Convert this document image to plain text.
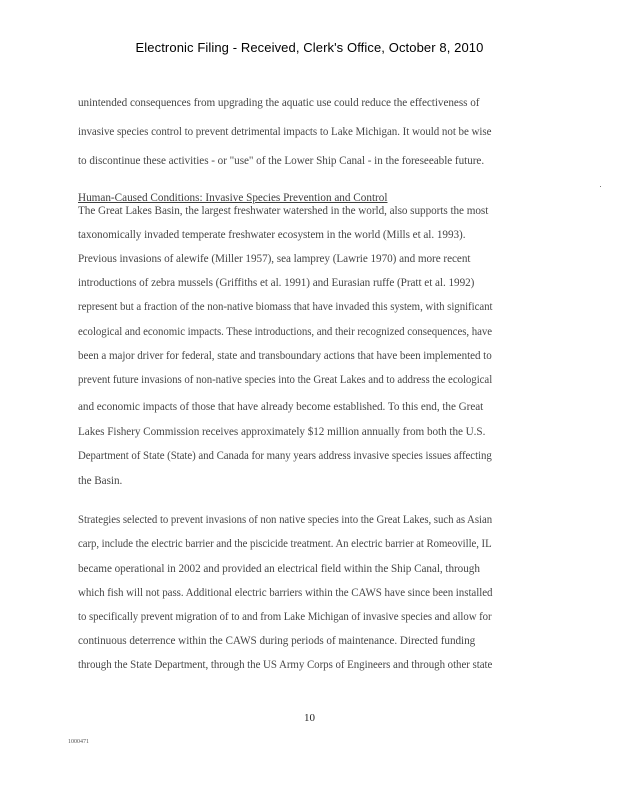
Electronic Filing - Received, Clerk's Office, October 8, 2010
unintended consequences from upgrading the aquatic use could reduce the effectiveness of
invasive species control to prevent detrimental impacts to Lake Michigan. It would not be wise
to discontinue these activities - or "use" of the Lower Ship Canal - in the foreseeable future.
Human-Caused Conditions: Invasive Species Prevention and Control
The Great Lakes Basin, the largest freshwater watershed in the world, also supports the most
taxonomically invaded temperate freshwater ecosystem in the world (Mills et al. 1993).
Previous invasions of alewife (Miller 1957), sea lamprey (Lawrie 1970) and more recent
introductions of zebra mussels (Griffiths et al. 1991) and Eurasian ruffe (Pratt et al. 1992)
represent but a fraction of the non-native biomass that have invaded this system, with significant
ecological and economic impacts. These introductions, and their recognized consequences, have
been a major driver for federal, state and transboundary actions that have been implemented to
prevent future invasions of non-native species into the Great Lakes and to address the ecological
and economic impacts of those that have already become established. To this end, the Great
Lakes Fishery Commission receives approximately $12 million annually from both the U.S.
Department of State (State) and Canada for many years address invasive species issues affecting
the Basin.
Strategies selected to prevent invasions of non native species into the Great Lakes, such as Asian
carp, include the electric barrier and the piscicide treatment. An electric barrier at Romeoville, IL
became operational in 2002 and provided an electrical field within the Ship Canal, through
which fish will not pass. Additional electric barriers within the CAWS have since been installed
to specifically prevent migration of to and from Lake Michigan of invasive species and allow for
continuous deterrence within the CAWS during periods of maintenance. Directed funding
through the State Department, through the US Army Corps of Engineers and through other state
10
1000471
